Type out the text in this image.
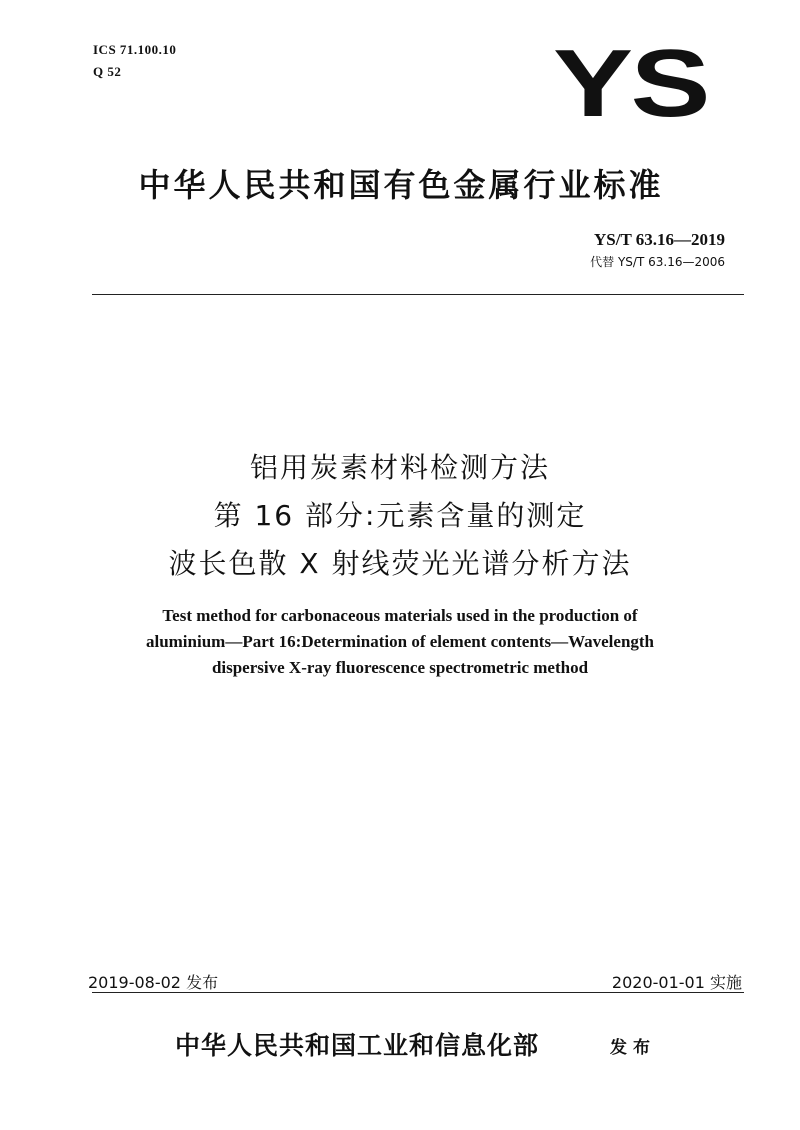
ICS 71.100.10
Q 52	YS
中华人民共和国有色金属行业标准
YS/T 63.16—2019
代替 YS/T 63.16—2006
铝用炭素材料检测方法
第 16 部分:元素含量的测定
波长色散 X 射线荧光光谱分析方法
Test method for carbonaceous materials used in the production of
aluminium—Part 16:Determination of element contents—Wavelength
dispersive X-ray fluorescence spectrometric method
2019-08-02 发布	2020-01-01 实施
中华人民共和国工业和信息化部	发布
